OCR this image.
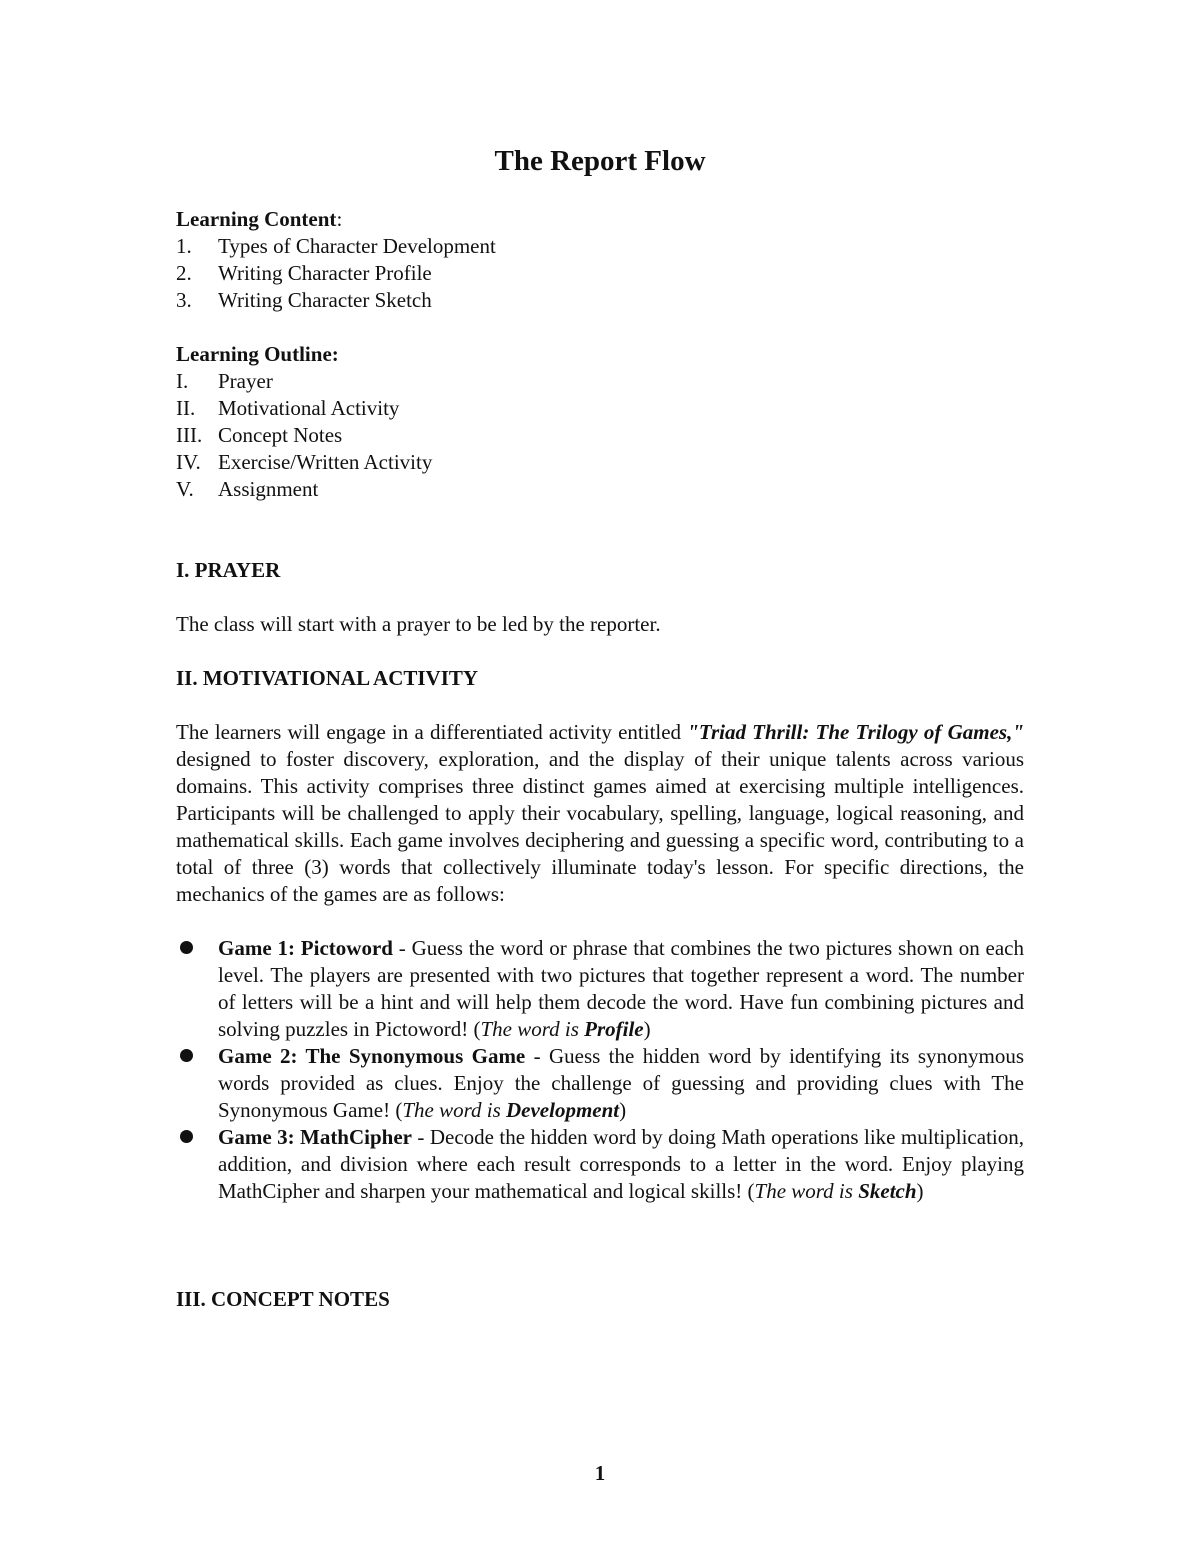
The Report Flow
Learning Content:
1.	Types of Character Development
2.	Writing Character Profile
3.	Writing Character Sketch
Learning Outline:
I.	Prayer
II.	Motivational Activity
III. Concept Notes
IV. Exercise/Written Activity
V.	Assignment
I. PRAYER

The class will start with a prayer to be led by the reporter.

II. MOTIVATIONAL ACTIVITY

The learners will engage in a differentiated activity entitled "Triad Thrill: The Trilogy of Games," designed to foster discovery, exploration, and the display of their unique talents across various domains. This activity comprises three distinct games aimed at exercising multiple intelligences. Participants will be challenged to apply their vocabulary, spelling, language, logical reasoning, and mathematical skills. Each game involves deciphering and guessing a specific word, contributing to a total of three (3) words that collectively illuminate today's lesson. For specific directions, the mechanics of the games are as follows:

Game 1: Pictoword - Guess the word or phrase that combines the two pictures shown on each level. The players are presented with two pictures that together represent a word. The number of letters will be a hint and will help them decode the word. Have fun combining pictures and solving puzzles in Pictoword! (The word is Profile)
Game 2: The Synonymous Game - Guess the hidden word by identifying its synonymous words provided as clues. Enjoy the challenge of guessing and providing clues with The Synonymous Game! (The word is Development)
Game 3: MathCipher - Decode the hidden word by doing Math operations like multiplication, addition, and division where each result corresponds to a letter in the word. Enjoy playing MathCipher and sharpen your mathematical and logical skills! (The word is Sketch)
III. CONCEPT NOTES
1
